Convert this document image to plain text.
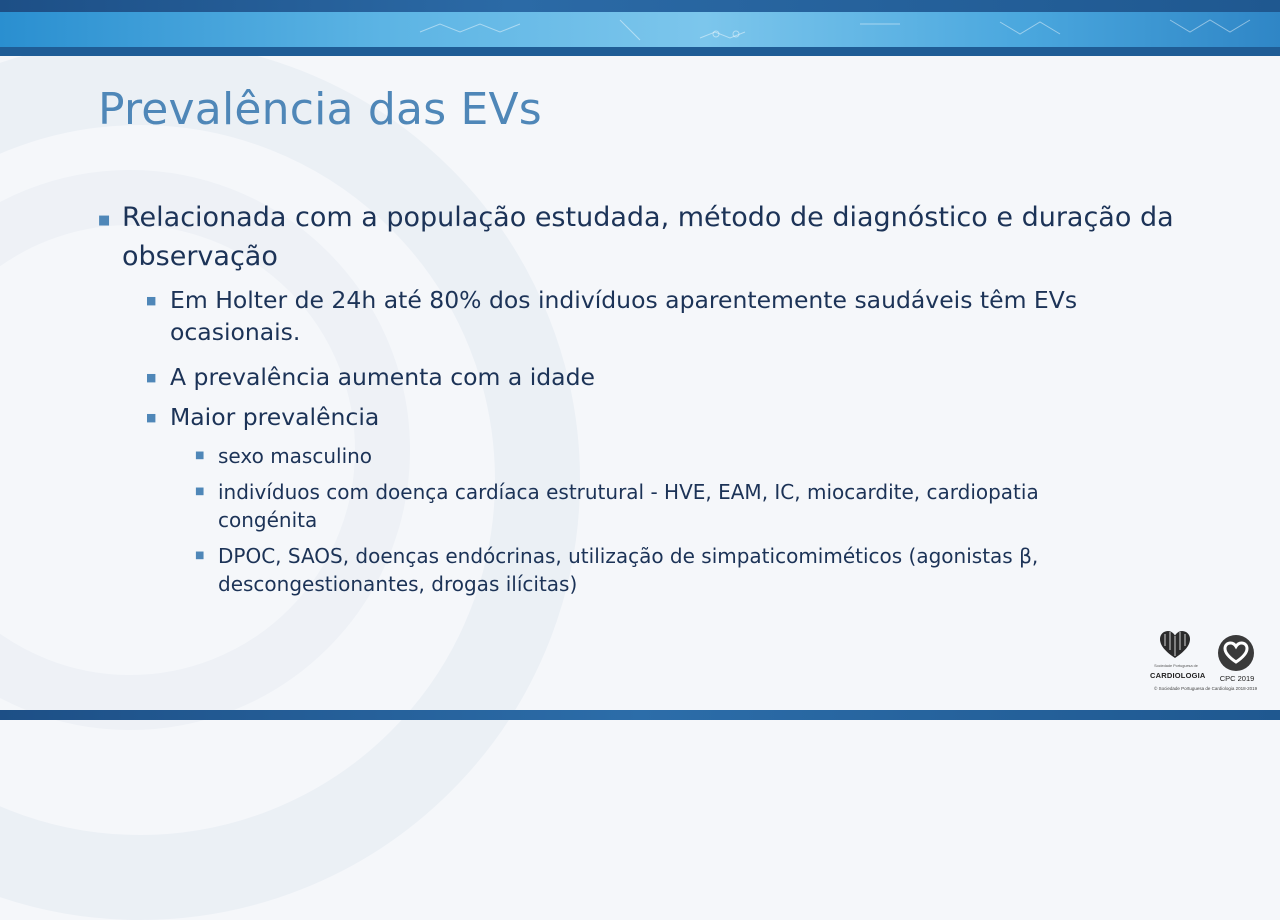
Prevalência das EVs
■ Relacionada com a população estudada, método de diagnóstico e duração da observação
■ Em Holter de 24h até 80% dos indivíduos aparentemente saudáveis têm EVs ocasionais.
■ A prevalência aumenta com a idade
■ Maior prevalência
■ sexo masculino
■ indivíduos com doença cardíaca estrutural - HVE, EAM, IC, miocardite, cardiopatia congénita
■ DPOC, SAOS, doenças endócrinas, utilização de simpaticomiméticos (agonistas β, descongestionantes, drogas ilícitas)
Sociedade Portuguesa de
CARDIOLOGIA	CPC 2019
© Sociedade Portuguesa de Cardiologia 2018-2019
